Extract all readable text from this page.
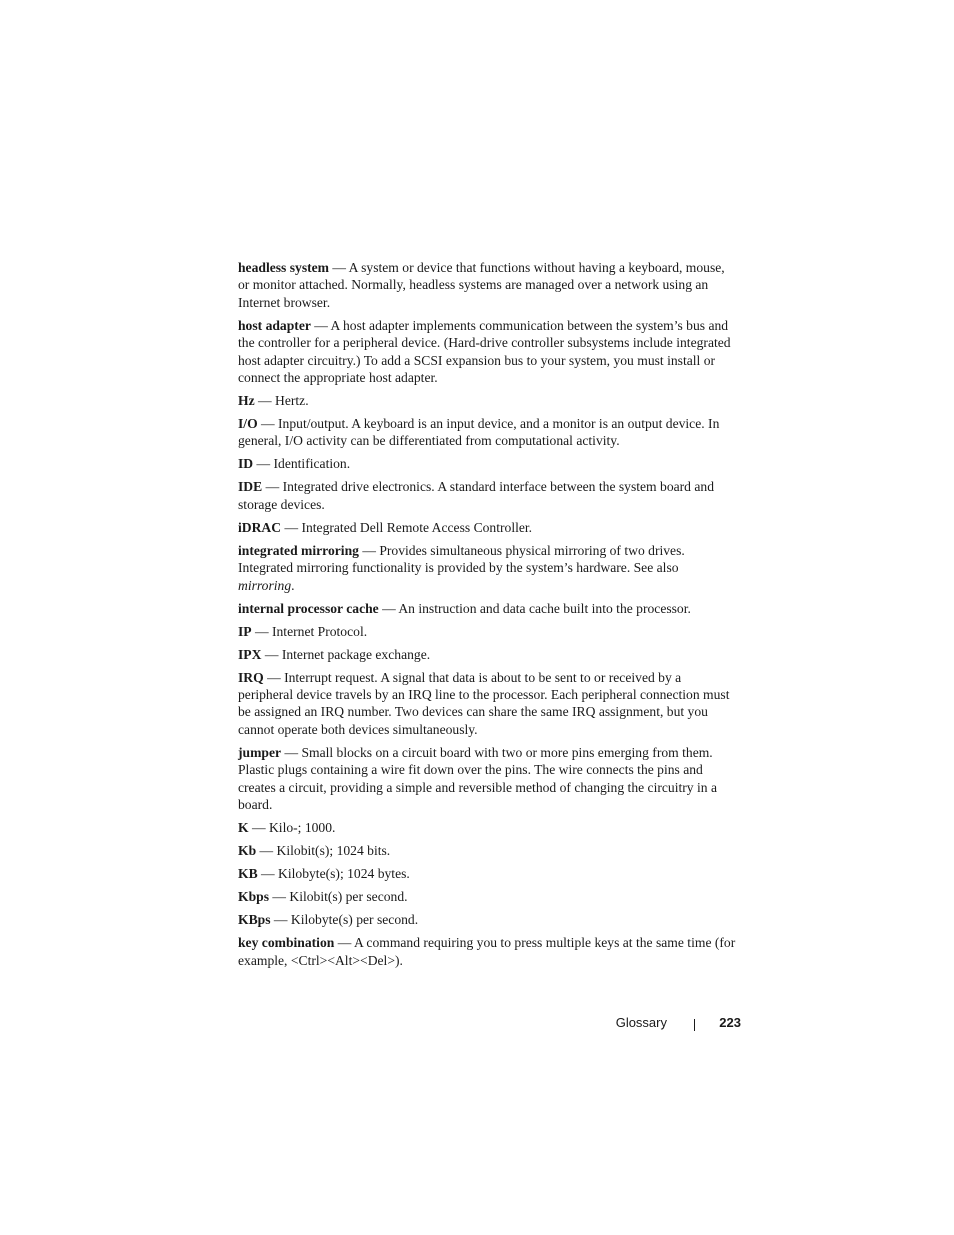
headless system — A system or device that functions without having a keyboard, mouse, or monitor attached. Normally, headless systems are managed over a network using an Internet browser.

host adapter — A host adapter implements communication between the system’s bus and the controller for a peripheral device. (Hard-drive controller subsystems include integrated host adapter circuitry.) To add a SCSI expansion bus to your system, you must install or connect the appropriate host adapter.

Hz — Hertz.

I/O — Input/output. A keyboard is an input device, and a monitor is an output device. In general, I/O activity can be differentiated from computational activity.

ID — Identification.

IDE — Integrated drive electronics. A standard interface between the system board and storage devices.

iDRAC — Integrated Dell Remote Access Controller.

integrated mirroring — Provides simultaneous physical mirroring of two drives. Integrated mirroring functionality is provided by the system’s hardware. See also mirroring.

internal processor cache — An instruction and data cache built into the processor.

IP — Internet Protocol.

IPX — Internet package exchange.

IRQ — Interrupt request. A signal that data is about to be sent to or received by a peripheral device travels by an IRQ line to the processor. Each peripheral connection must be assigned an IRQ number. Two devices can share the same IRQ assignment, but you cannot operate both devices simultaneously.

jumper — Small blocks on a circuit board with two or more pins emerging from them. Plastic plugs containing a wire fit down over the pins. The wire connects the pins and creates a circuit, providing a simple and reversible method of changing the circuitry in a board.

K — Kilo-; 1000.

Kb — Kilobit(s); 1024 bits.

KB — Kilobyte(s); 1024 bytes.

Kbps — Kilobit(s) per second.

KBps — Kilobyte(s) per second.

key combination — A command requiring you to press multiple keys at the same time (for example, <Ctrl><Alt><Del>).

Glossary	223
